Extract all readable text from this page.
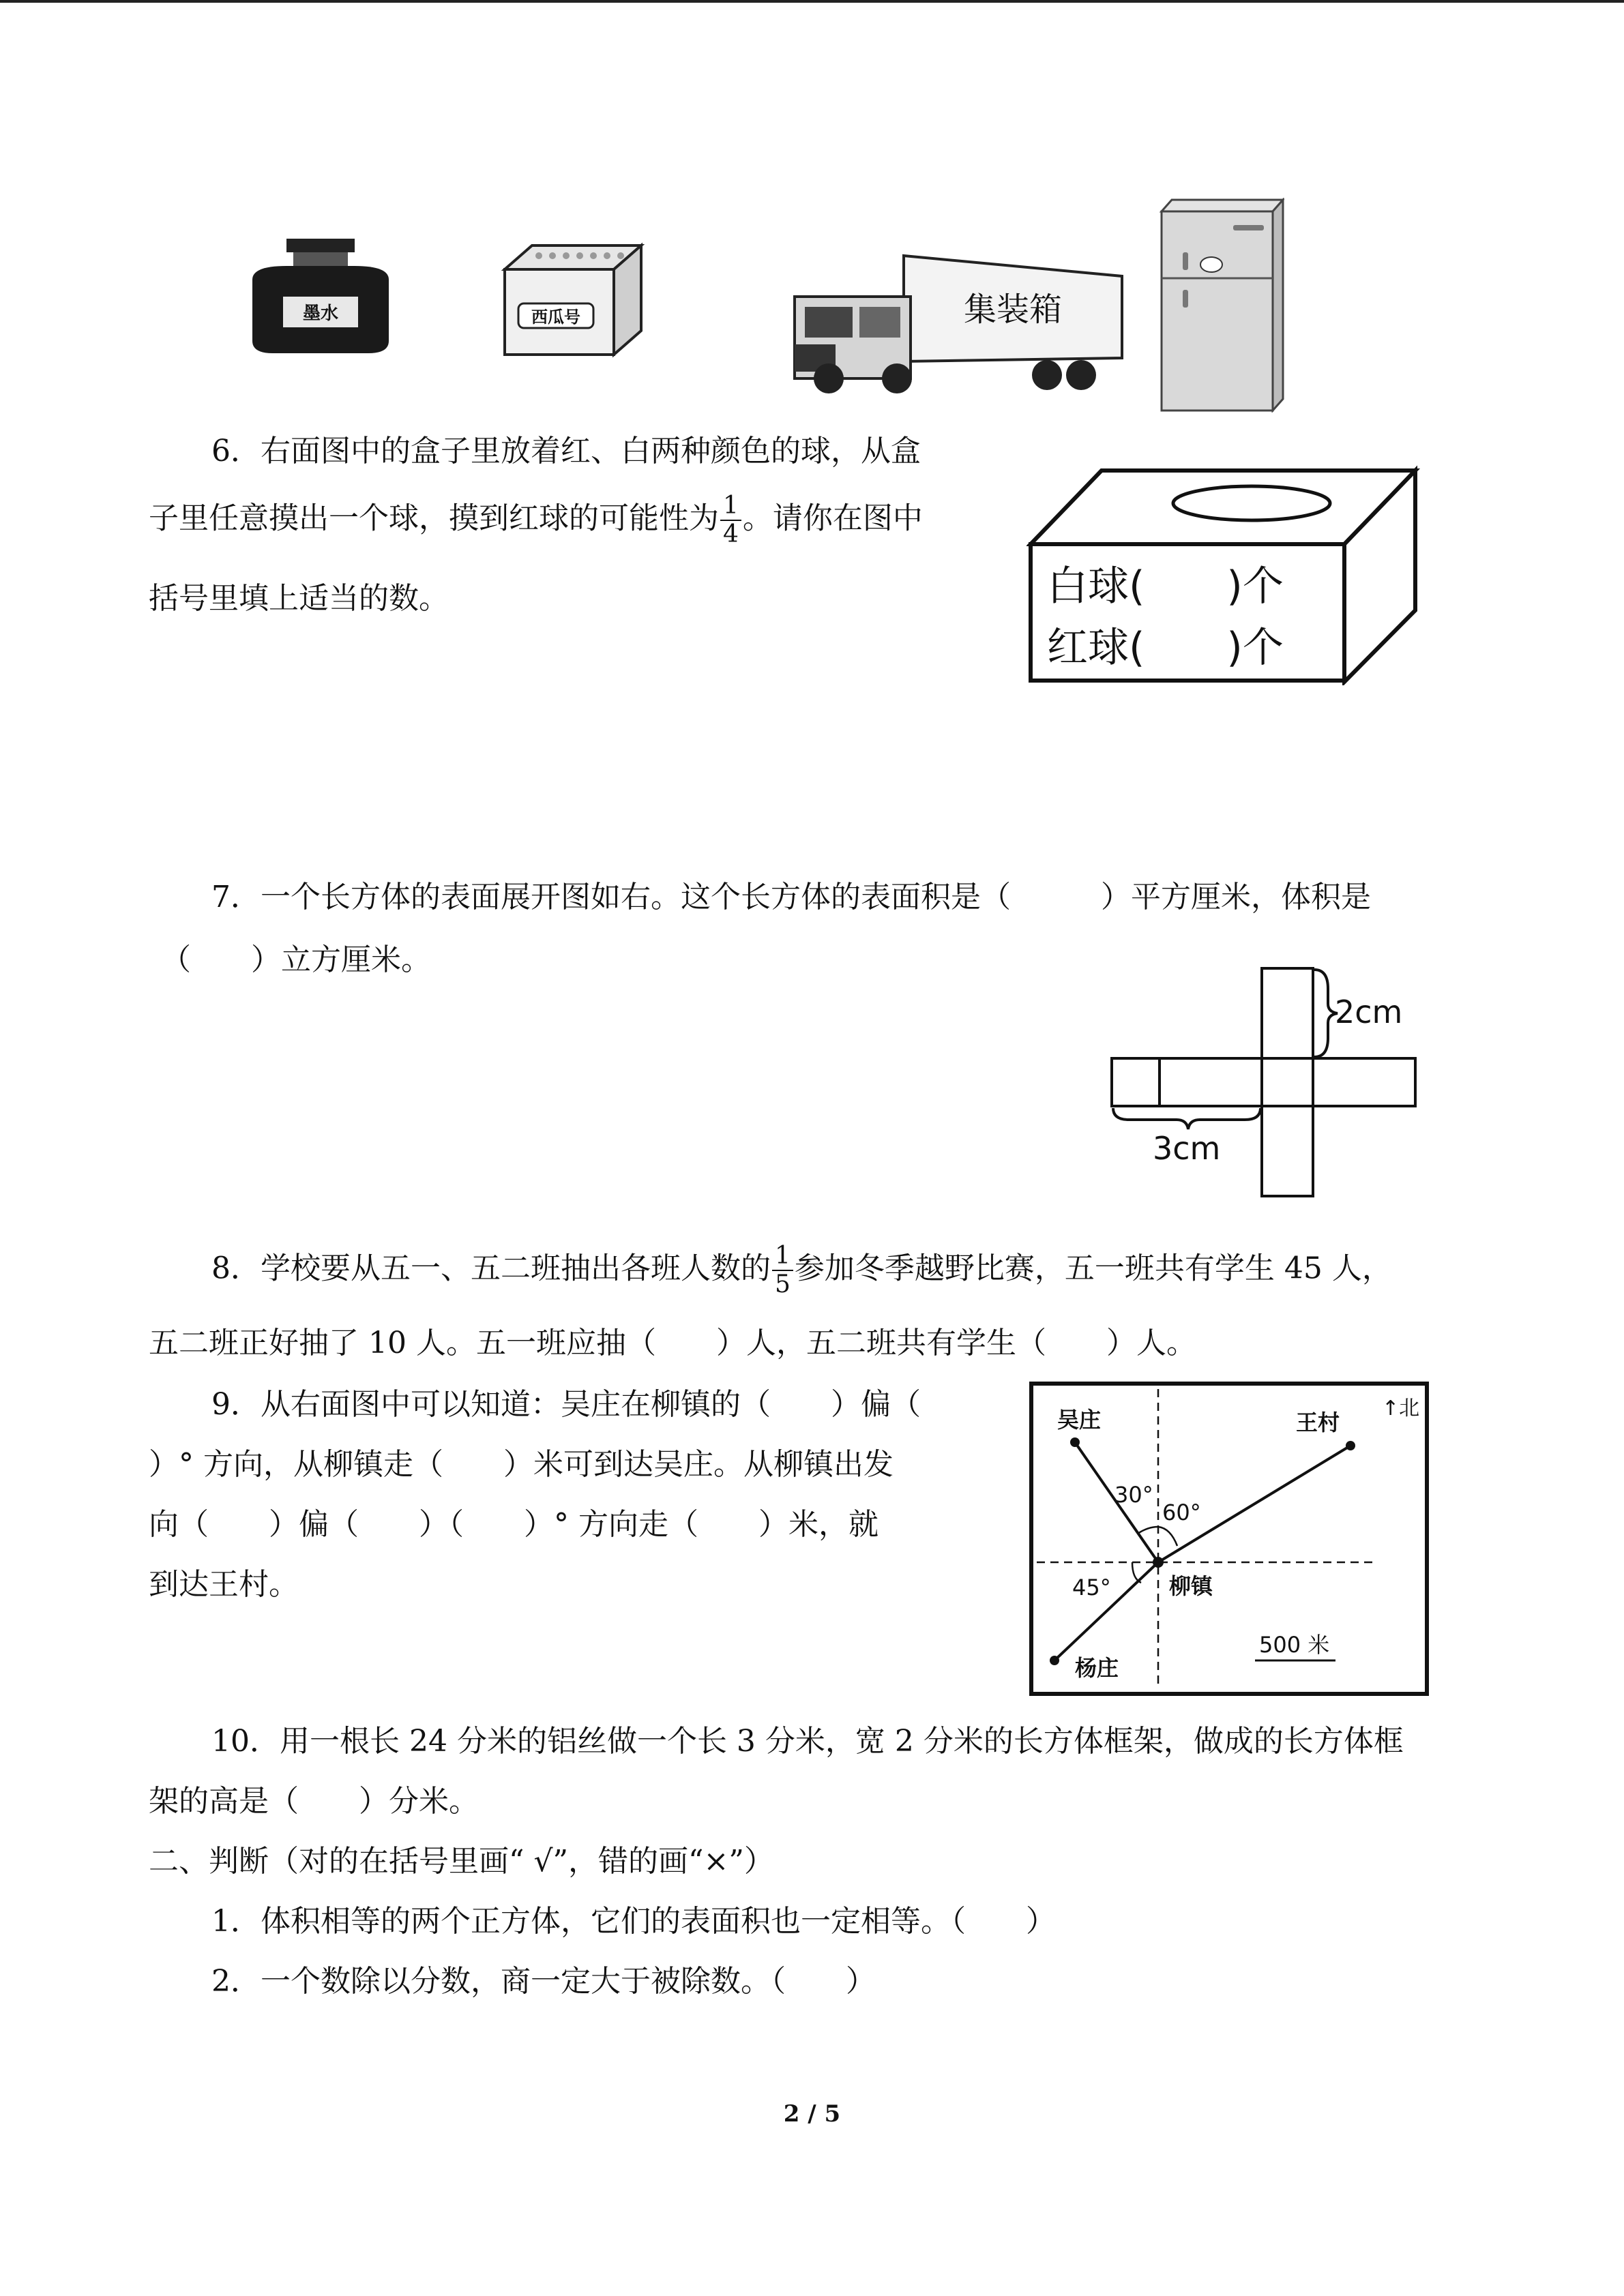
墨水	西瓜号	集装箱
6．右面图中的盒子里放着红、白两种颜色的球，从盒
子里任意摸出一个球，摸到红球的可能性为 $\frac{1}{4}$ 。请你在图中
括号里填上适当的数。	白球(　　)个
红球(　　)个
7．一个长方体的表面展开图如右。这个长方体的表面积是（　　　）平方厘米，体积是
（　　）立方厘米。
2cm
3cm
8．学校要从五一、五二班抽出各班人数的 $\frac{1}{5}$ 参加冬季越野比赛，五一班共有学生 45 人，
五二班正好抽了 10 人。五一班应抽（　　）人，五二班共有学生（　　）人。
9．从右面图中可以知道：吴庄在柳镇的（　　）偏（
）° 方向，从柳镇走（　　）米可到达吴庄。从柳镇出发
向（　　）偏（　　）（　　）° 方向走（　　）米，就
到达王村。
↑北
吴庄	王村
柳镇
杨庄
30°
60°
45°
500 米
10．用一根长 24 分米的铝丝做一个长 3 分米，宽 2 分米的长方体框架，做成的长方体框
架的高是（　　）分米。
二、判断（对的在括号里画“ √”，错的画“×”）
1．体积相等的两个正方体，它们的表面积也一定相等。（　　）
2．一个数除以分数，商一定大于被除数。（　　）
2 / 5
